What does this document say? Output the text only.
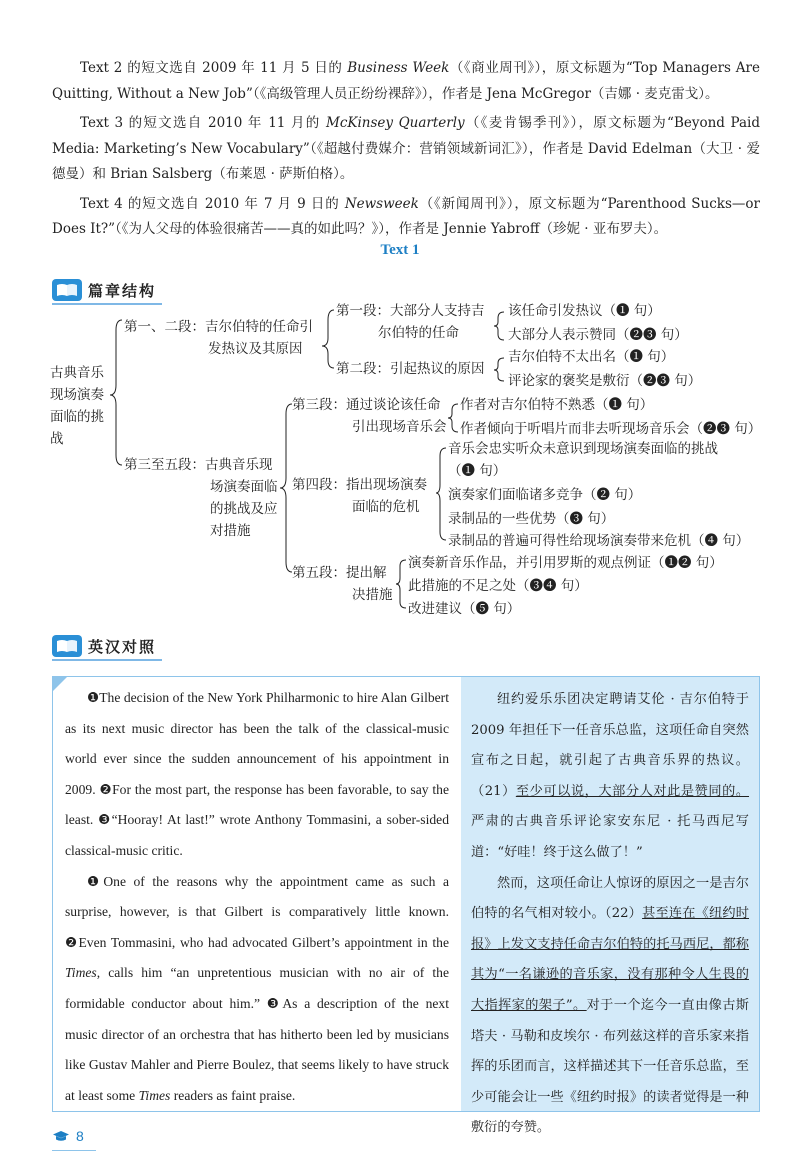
Text 2 的短文选自 2009 年 11 月 5 日的 Business Week（《商业周刊》），原文标题为“Top Managers Are Quitting, Without a New Job”（《高级管理人员正纷纷裸辞》），作者是 Jena McGregor（吉娜 · 麦克雷戈）。

Text 3 的短文选自 2010 年 11 月的 McKinsey Quarterly（《麦肯锡季刊》），原文标题为“Beyond Paid Media: Marketing’s New Vocabulary”（《超越付费媒介：营销领域新词汇》），作者是 David Edelman（大卫 · 爱德曼）和 Brian Salsberg（布莱恩 · 萨斯伯格）。

Text 4 的短文选自 2010 年 7 月 9 日的 Newsweek（《新闻周刊》），原文标题为“Parenthood Sucks—or Does It?”（《为人父母的体验很痛苦——真的如此吗？》），作者是 Jennie Yabroff（珍妮 · 亚布罗夫）。

Text 1
篇章结构
古典音乐
现场演奏
面临的挑
战
第一、二段：吉尔伯特的任命引
发热议及其原因
第一段：大部分人支持吉
尔伯特的任命
该任命引发热议（❶ 句）
大部分人表示赞同（❷❸ 句）
第二段：引起热议的原因
吉尔伯特不太出名（❶ 句）
评论家的褒奖是敷衍（❷❸ 句）
第三至五段：古典音乐现
场演奏面临
的挑战及应
对措施
第三段：通过谈论该任命
引出现场音乐会
作者对吉尔伯特不熟悉（❶ 句）
作者倾向于听唱片而非去听现场音乐会（❷❸ 句）
第四段：指出现场演奏
面临的危机
音乐会忠实听众未意识到现场演奏面临的挑战
（❶ 句）
演奏家们面临诸多竞争（❷ 句）
录制品的一些优势（❸ 句）
录制品的普遍可得性给现场演奏带来危机（❹ 句）
第五段：提出解
决措施
演奏新音乐作品，并引用罗斯的观点例证（❶❷ 句）
此措施的不足之处（❸❹ 句）
改进建议（❺ 句）
英汉对照

❶The decision of the New York Philharmonic to hire Alan Gilbert as its next music director has been the talk of the classical-music world ever since the sudden announcement of his appointment in 2009. ❷For the most part, the response has been favorable, to say the least. ❸“Hooray! At last!” wrote Anthony Tommasini, a sober-sided classical-music critic.

❶One of the reasons why the appointment came as such a surprise, however, is that Gilbert is comparatively little known. ❷Even Tommasini, who had advocated Gilbert’s appointment in the Times, calls him “an unpretentious musician with no air of the formidable conductor about him.” ❸As a description of the next music director of an orchestra that has hitherto been led by musicians like Gustav Mahler and Pierre Boulez, that seems likely to have struck at least some Times readers as faint praise.

纽约爱乐乐团决定聘请艾伦 · 吉尔伯特于 2009 年担任下一任音乐总监，这项任命自突然宣布之日起，就引起了古典音乐界的热议。（21）至少可以说，大部分人对此是赞同的。严肃的古典音乐评论家安东尼 · 托马西尼写道：“好哇！终于这么做了！”

然而，这项任命让人惊讶的原因之一是吉尔伯特的名气相对较小。（22）甚至连在《纽约时报》上发文支持任命吉尔伯特的托马西尼，都称其为“一名谦逊的音乐家，没有那种令人生畏的大指挥家的架子”。对于一个迄今一直由像古斯塔夫 · 马勒和皮埃尔 · 布列兹这样的音乐家来指挥的乐团而言，这样描述其下一任音乐总监，至少可能会让一些《纽约时报》的读者觉得是一种敷衍的夸赞。

8
